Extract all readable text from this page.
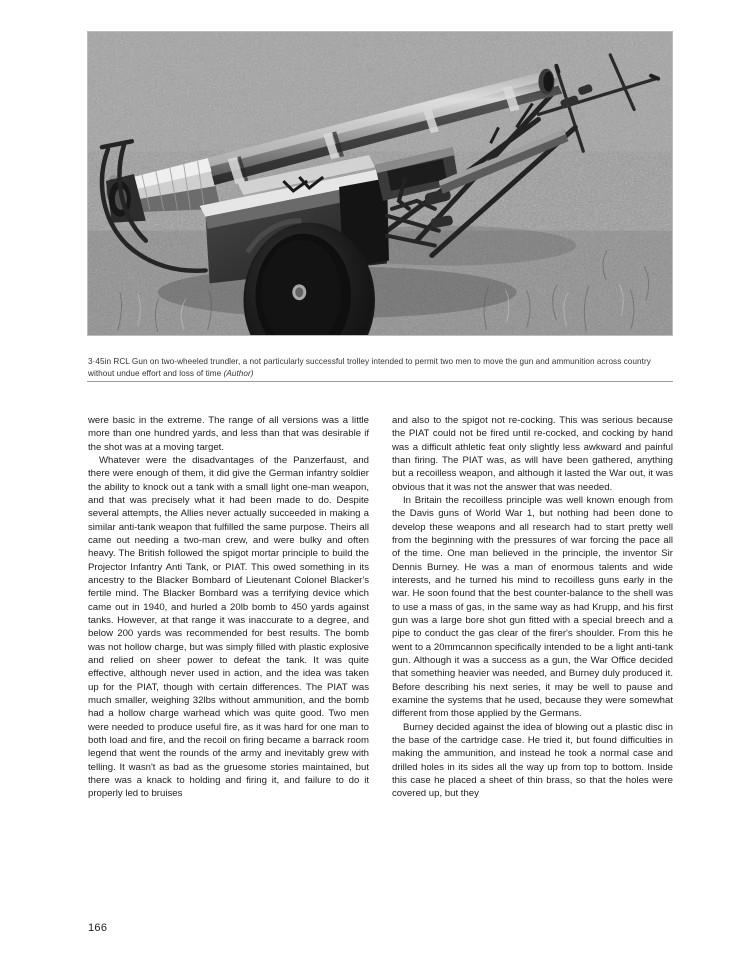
3·45in RCL Gun on two-wheeled trundler, a not particularly successful trolley intended to permit two men to move the gun and ammunition across country without undue effort and loss of time (Author)

were basic in the extreme. The range of all versions was a little more than one hundred yards, and less than that was desirable if the shot was at a moving target.

Whatever were the disadvantages of the Panzerfaust, and there were enough of them, it did give the German infantry soldier the ability to knock out a tank with a small light one-man weapon, and that was precisely what it had been made to do. Despite several attempts, the Allies never actually succeeded in making a similar anti-tank weapon that fulfilled the same purpose. Theirs all came out needing a two-man crew, and were bulky and often heavy. The British followed the spigot mortar principle to build the Projector Infantry Anti Tank, or PIAT. This owed something in its ancestry to the Blacker Bombard of Lieutenant Colonel Blacker's fertile mind. The Blacker Bombard was a terrifying device which came out in 1940, and hurled a 20lb bomb to 450 yards against tanks. However, at that range it was inaccurate to a degree, and below 200 yards was recommended for best results. The bomb was not hollow charge, but was simply filled with plastic explosive and relied on sheer power to defeat the tank. It was quite effective, although never used in action, and the idea was taken up for the PIAT, though with certain differences. The PIAT was much smaller, weighing 32lbs without ammunition, and the bomb had a hollow charge warhead which was quite good. Two men were needed to produce useful fire, as it was hard for one man to both load and fire, and the recoil on firing became a barrack room legend that went the rounds of the army and inevitably grew with telling. It wasn't as bad as the gruesome stories maintained, but there was a knack to holding and firing it, and failure to do it properly led to bruises

and also to the spigot not re-cocking. This was serious because the PIAT could not be fired until re-cocked, and cocking by hand was a difficult athletic feat only slightly less awkward and painful than firing. The PIAT was, as will have been gathered, anything but a recoilless weapon, and although it lasted the War out, it was obvious that it was not the answer that was needed.

In Britain the recoilless principle was well known enough from the Davis guns of World War 1, but nothing had been done to develop these weapons and all research had to start pretty well from the beginning with the pressures of war forcing the pace all of the time. One man believed in the principle, the inventor Sir Dennis Burney. He was a man of enormous talents and wide interests, and he turned his mind to recoilless guns early in the war. He soon found that the best counter-balance to the shell was to use a mass of gas, in the same way as had Krupp, and his first gun was a large bore shot gun fitted with a special breech and a pipe to conduct the gas clear of the firer's shoulder. From this he went to a 20mmcannon specifically intended to be a light anti-tank gun. Although it was a success as a gun, the War Office decided that something heavier was needed, and Burney duly produced it. Before describing his next series, it may be well to pause and examine the systems that he used, because they were somewhat different from those applied by the Germans.

Burney decided against the idea of blowing out a plastic disc in the base of the cartridge case. He tried it, but found difficulties in making the ammunition, and instead he took a normal case and drilled holes in its sides all the way up from top to bottom. Inside this case he placed a sheet of thin brass, so that the holes were covered up, but they

166
